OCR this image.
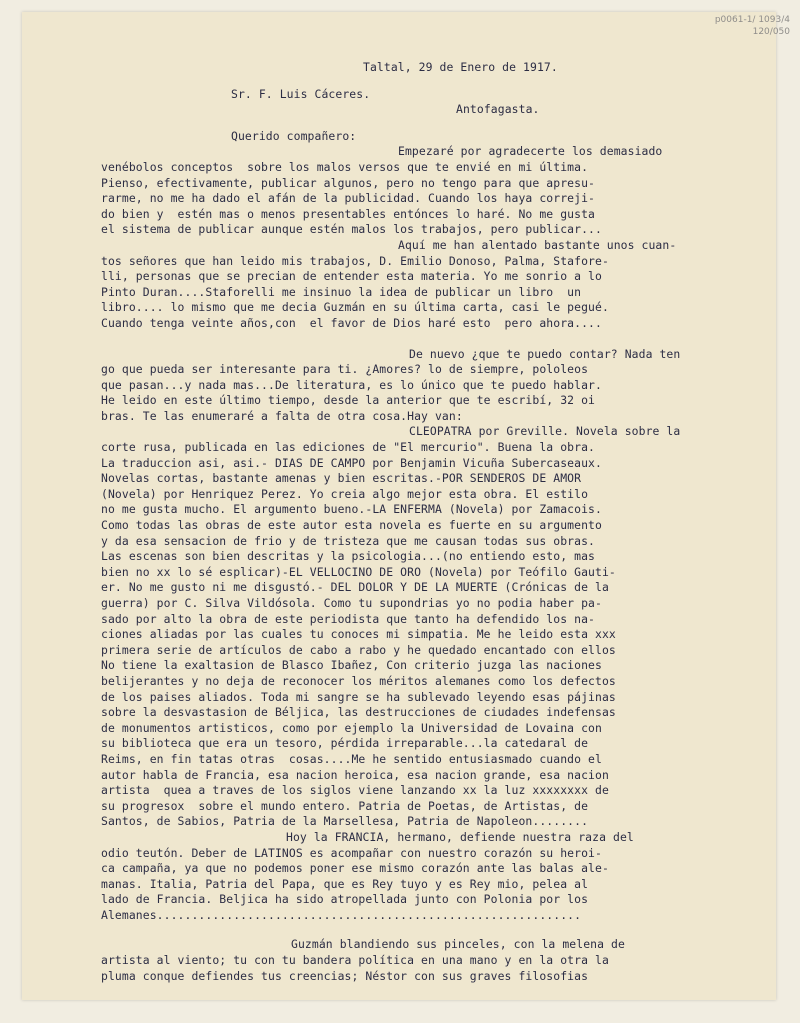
p0061-1/ 1093/4
120/050
Taltal, 29 de Enero de 1917.
Sr. F. Luis Cáceres.
Antofagasta.
Querido compañero:
Empezaré por agradecerte los demasiado
venébolos conceptos  sobre los malos versos que te envié en mi última.
Pienso, efectivamente, publicar algunos, pero no tengo para que apresu-
rarme, no me ha dado el afán de la publicidad. Cuando los haya correji-
do bien y  estén mas o menos presentables entónces lo haré. No me gusta
el sistema de publicar aunque estén malos los trabajos, pero publicar...
Aquí me han alentado bastante unos cuan-
tos señores que han leido mis trabajos, D. Emilio Donoso, Palma, Stafore-
lli, personas que se precian de entender esta materia. Yo me sonrio a lo
Pinto Duran....Staforelli me insinuo la idea de publicar un libro  un
libro.... lo mismo que me decia Guzmán en su última carta, casi le pegué.
Cuando tenga veinte años,con  el favor de Dios haré esto  pero ahora....
De nuevo ¿que te puedo contar? Nada ten
go que pueda ser interesante para ti. ¿Amores? lo de siempre, pololeos
que pasan...y nada mas...De literatura, es lo único que te puedo hablar.
He leido en este último tiempo, desde la anterior que te escribí, 32 oi
bras. Te las enumeraré a falta de otra cosa.Hay van:
CLEOPATRA por Greville. Novela sobre la
corte rusa, publicada en las ediciones de "El mercurio". Buena la obra.
La traduccion asi, asi.- DIAS DE CAMPO por Benjamin Vicuña Subercaseaux.
Novelas cortas, bastante amenas y bien escritas.-POR SENDEROS DE AMOR
(Novela) por Henriquez Perez. Yo creia algo mejor esta obra. El estilo
no me gusta mucho. El argumento bueno.-LA ENFERMA (Novela) por Zamacois.
Como todas las obras de este autor esta novela es fuerte en su argumento
y da esa sensacion de frio y de tristeza que me causan todas sus obras.
Las escenas son bien descritas y la psicologia...(no entiendo esto, mas
bien no xx lo sé esplicar)-EL VELLOCINO DE ORO (Novela) por Teófilo Gauti-
er. No me gusto ni me disgustó.- DEL DOLOR Y DE LA MUERTE (Crónicas de la
guerra) por C. Silva Vildósola. Como tu supondrias yo no podia haber pa-
sado por alto la obra de este periodista que tanto ha defendido los na-
ciones aliadas por las cuales tu conoces mi simpatia. Me he leido esta xxx
primera serie de artículos de cabo a rabo y he quedado encantado con ellos
No tiene la exaltasion de Blasco Ibañez, Con criterio juzga las naciones
belijerantes y no deja de reconocer los méritos alemanes como los defectos
de los paises aliados. Toda mi sangre se ha sublevado leyendo esas pájinas
sobre la desvastasion de Béljica, las destrucciones de ciudades indefensas
de monumentos artisticos, como por ejemplo la Universidad de Lovaina con
su biblioteca que era un tesoro, pérdida irreparable...la catedaral de
Reims, en fin tatas otras  cosas....Me he sentido entusiasmado cuando el
autor habla de Francia, esa nacion heroica, esa nacion grande, esa nacion
artista  quea a traves de los siglos viene lanzando xx la luz xxxxxxxx de
su progresox  sobre el mundo entero. Patria de Poetas, de Artistas, de
Santos, de Sabios, Patria de la Marsellesa, Patria de Napoleon........
Hoy la FRANCIA, hermano, defiende nuestra raza del
odio teutón. Deber de LATINOS es acompañar con nuestro corazón su heroi-
ca campaña, ya que no podemos poner ese mismo corazón ante las balas ale-
manas. Italia, Patria del Papa, que es Rey tuyo y es Rey mio, pelea al
lado de Francia. Beljica ha sido atropellada junto con Polonia por los
Alemanes.............................................................
Guzmán blandiendo sus pinceles, con la melena de
artista al viento; tu con tu bandera política en una mano y en la otra la
pluma conque defiendes tus creencias; Néstor con sus graves filosofias
